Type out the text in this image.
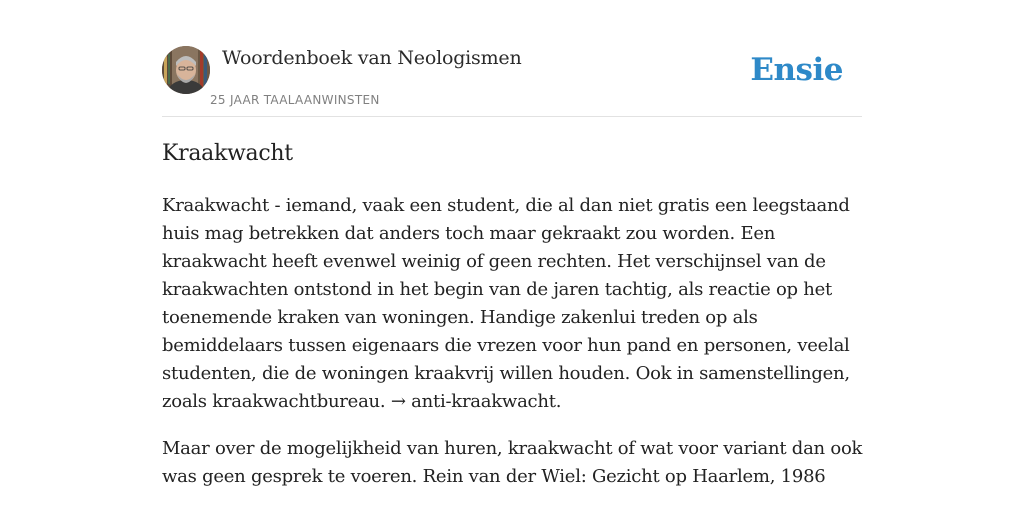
Woordenboek van Neologismen
25 JAAR TAALAANWINSTEN
Ensie
Kraakwacht

Kraakwacht - iemand, vaak een student, die al dan niet gratis een leegstaand huis mag betrekken dat anders toch maar gekraakt zou worden. Een kraakwacht heeft evenwel weinig of geen rechten. Het verschijnsel van de kraakwachten ontstond in het begin van de jaren tachtig, als reactie op het toenemende kraken van woningen. Handige zakenlui treden op als bemiddelaars tussen eigenaars die vrezen voor hun pand en personen, veelal studenten, die de woningen kraakvrij willen houden. Ook in samenstellingen, zoals kraakwachtbureau. → anti-kraakwacht.

Maar over de mogelijkheid van huren, kraakwacht of wat voor variant dan ook was geen gesprek te voeren. Rein van der Wiel: Gezicht op Haarlem, 1986
